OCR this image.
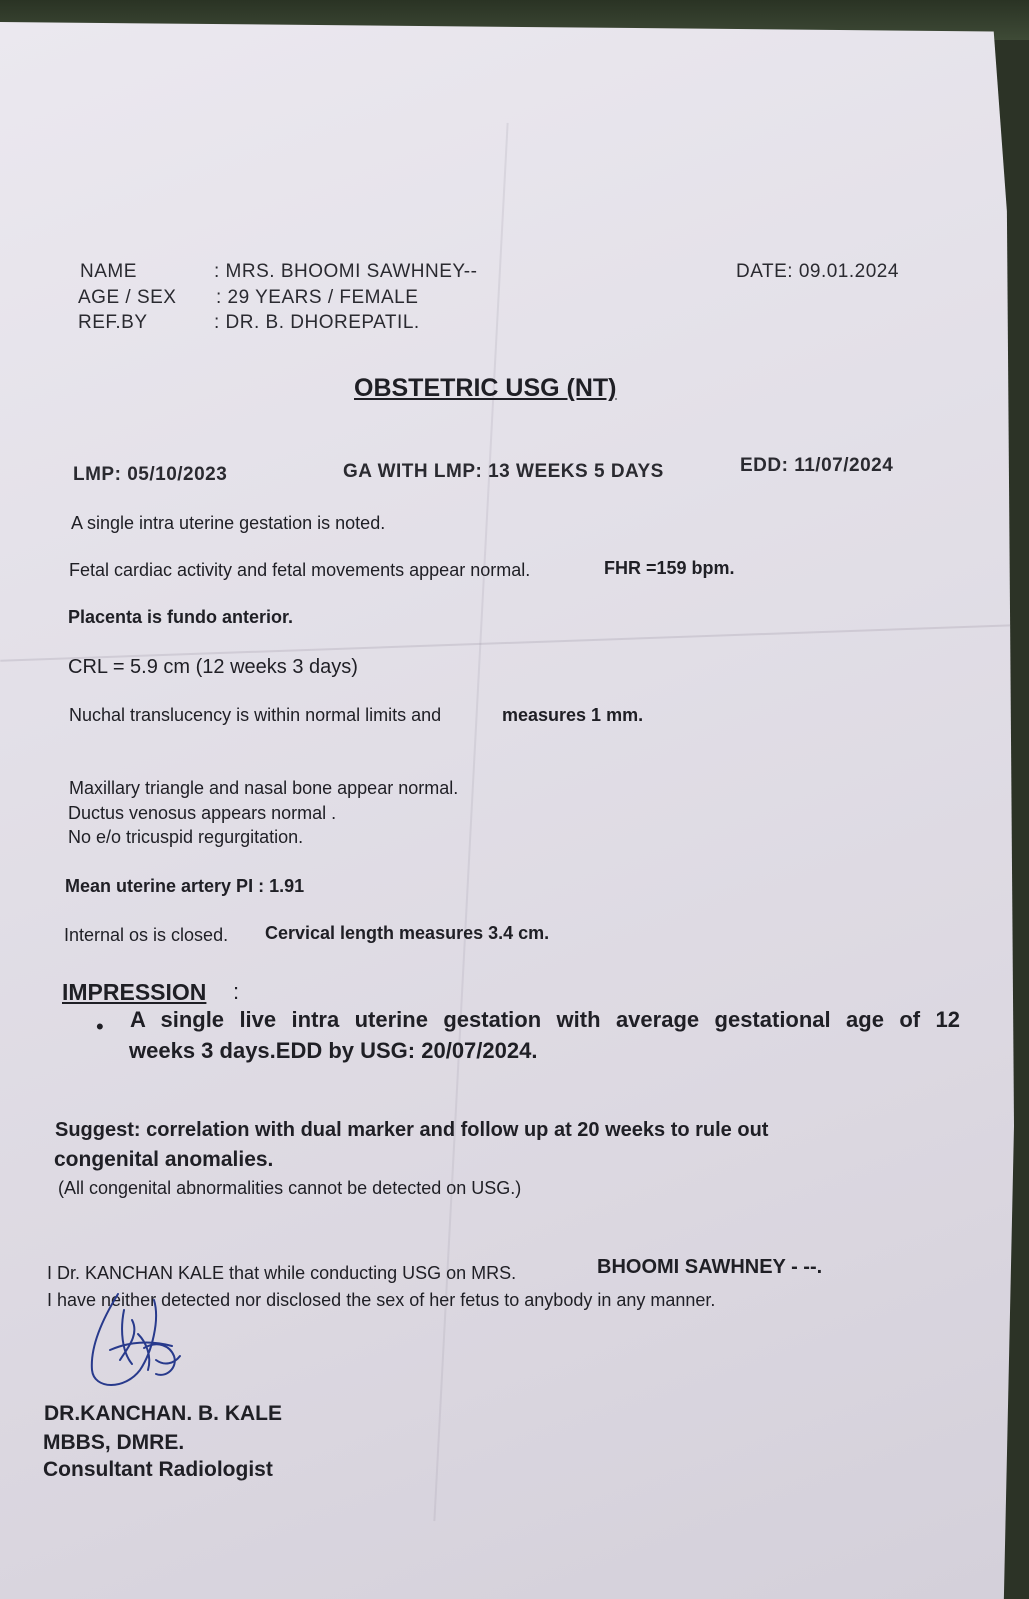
NAME	: MRS. BHOOMI SAWHNEY--
AGE / SEX : 29 YEARS / FEMALE
REF.BY	: DR. B. DHOREPATIL.
DATE: 09.01.2024
OBSTETRIC USG (NT)
LMP: 05/10/2023	GA WITH LMP: 13 WEEKS 5 DAYS	EDD: 11/07/2024
A single intra uterine gestation is noted.
Fetal cardiac activity and fetal movements appear normal.	FHR =159 bpm.
Placenta is fundo anterior.
CRL = 5.9 cm (12 weeks 3 days)
Nuchal translucency is within normal limits and	measures 1 mm.
Maxillary triangle and nasal bone appear normal.
Ductus venosus appears normal .
No e/o tricuspid regurgitation.
Mean uterine artery PI : 1.91
Internal os is closed. Cervical length measures 3.4 cm.
IMPRESSION :
• A single live intra uterine gestation with average gestational age of 12
weeks 3 days.EDD by USG: 20/07/2024.
Suggest: correlation with dual marker and follow up at 20 weeks to rule out
congenital anomalies.
(All congenital abnormalities cannot be detected on USG.)
I Dr. KANCHAN KALE that while conducting USG on MRS.	BHOOMI SAWHNEY - --.
I have neither detected nor disclosed the sex of her fetus to anybody in any manner.
DR.KANCHAN. B. KALE
MBBS, DMRE.
Consultant Radiologist
